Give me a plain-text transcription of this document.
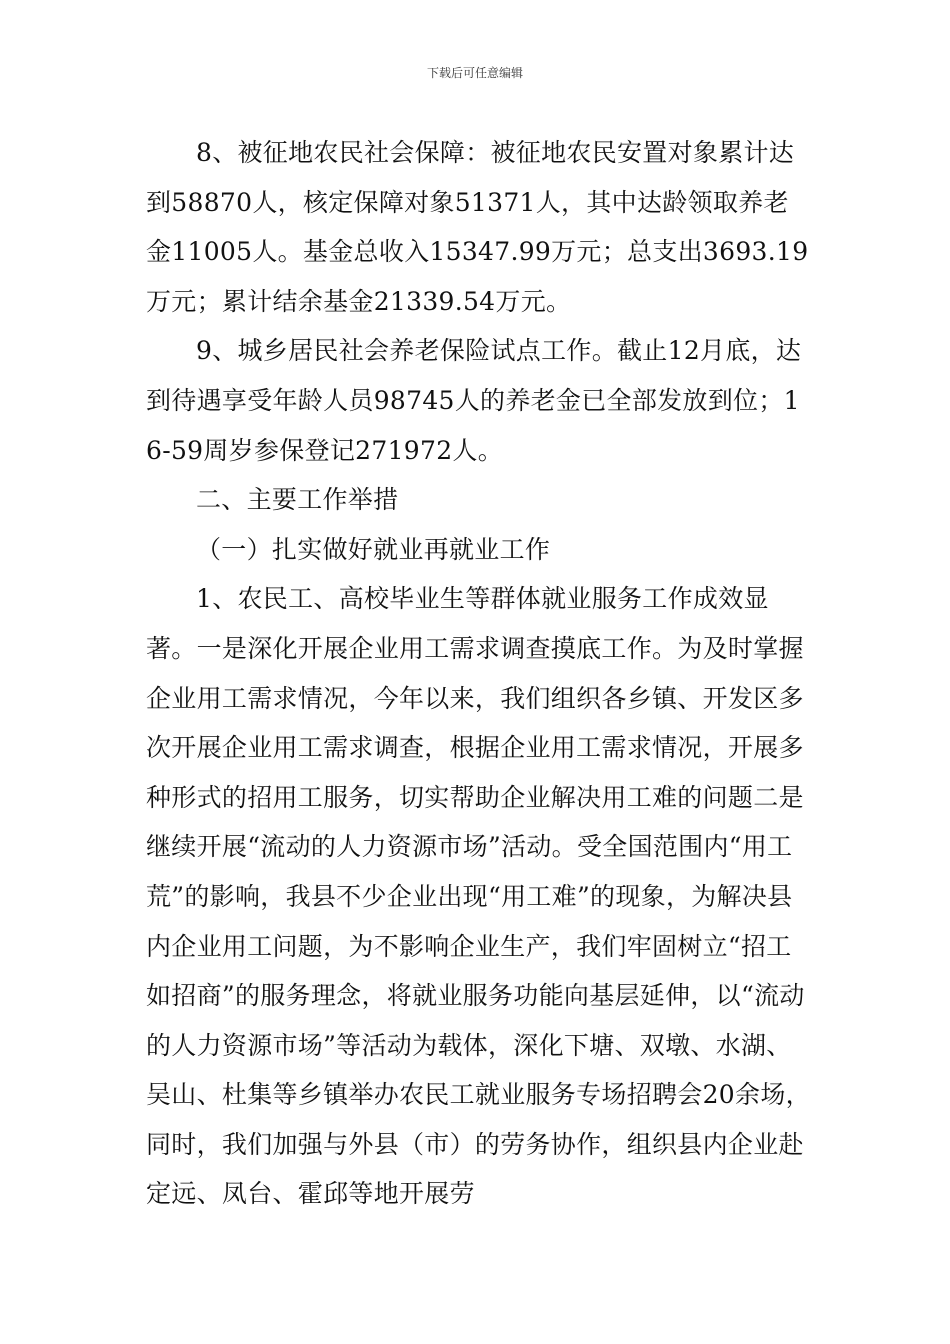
下载后可任意编辑

8、被征地农民社会保障：被征地农民安置对象累计达到58870人，核定保障对象51371人，其中达龄领取养老金11005人。基金总收入15347.99万元；总支出3693.19万元；累计结余基金21339.54万元。

9、城乡居民社会养老保险试点工作。截止12月底，达到待遇享受年龄人员98745人的养老金已全部发放到位；16-59周岁参保登记271972人。

二、主要工作举措

（一）扎实做好就业再就业工作

1、农民工、高校毕业生等群体就业服务工作成效显著。一是深化开展企业用工需求调查摸底工作。为及时掌握企业用工需求情况，今年以来，我们组织各乡镇、开发区多次开展企业用工需求调查，根据企业用工需求情况，开展多种形式的招用工服务，切实帮助企业解决用工难的问题二是继续开展“流动的人力资源市场”活动。受全国范围内“用工荒”的影响，我县不少企业出现“用工难”的现象，为解决县内企业用工问题，为不影响企业生产，我们牢固树立“招工如招商”的服务理念，将就业服务功能向基层延伸，以“流动的人力资源市场”等活动为载体，深化下塘、双墩、水湖、吴山、杜集等乡镇举办农民工就业服务专场招聘会20余场，同时，我们加强与外县（市）的劳务协作，组织县内企业赴定远、凤台、霍邱等地开展劳
